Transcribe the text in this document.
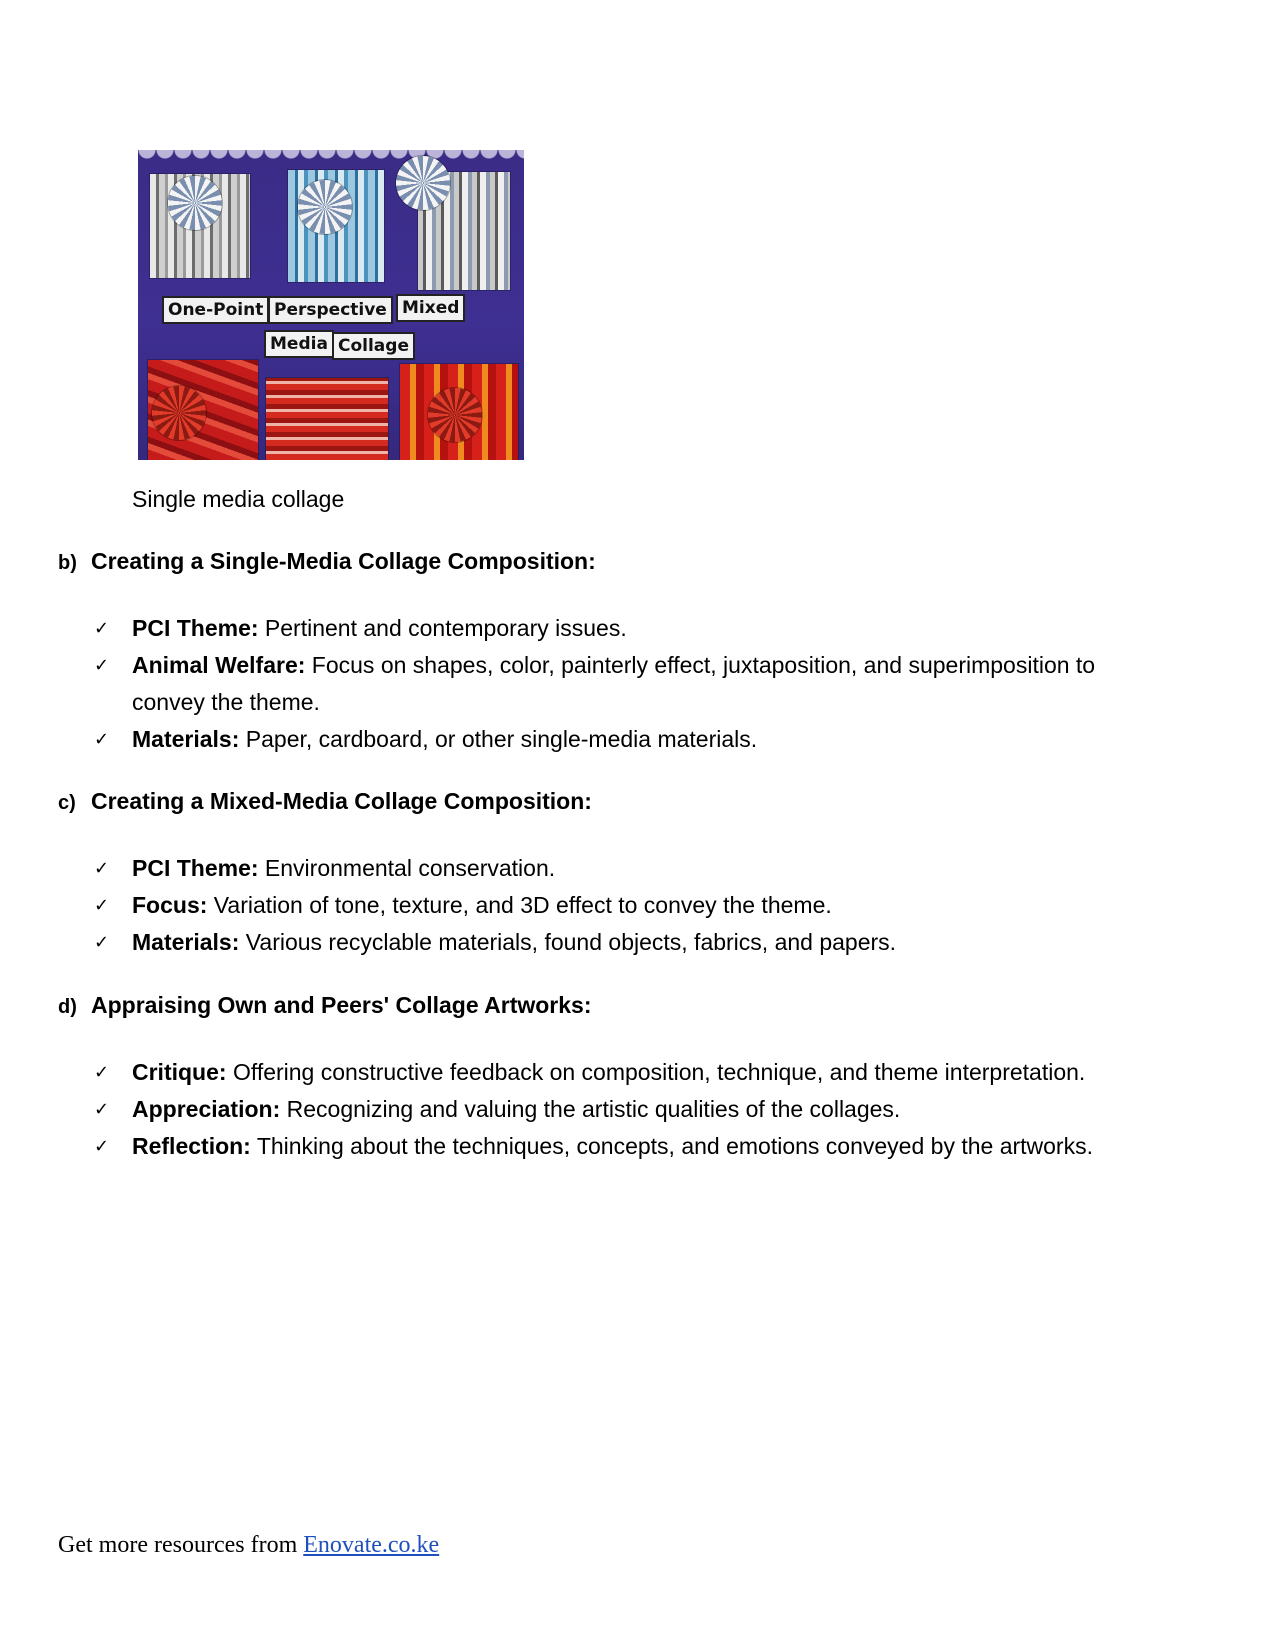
One-Point Perspective Mixed
Media Collage
Single media collage
b) Creating a Single-Media Collage Composition:
✓ PCI Theme: Pertinent and contemporary issues.
✓ Animal Welfare: Focus on shapes, color, painterly effect, juxtaposition, and superimposition to convey the theme.
✓ Materials: Paper, cardboard, or other single-media materials.
c) Creating a Mixed-Media Collage Composition:
✓ PCI Theme: Environmental conservation.
✓ Focus: Variation of tone, texture, and 3D effect to convey the theme.
✓ Materials: Various recyclable materials, found objects, fabrics, and papers.
d) Appraising Own and Peers' Collage Artworks:
✓ Critique: Offering constructive feedback on composition, technique, and theme interpretation.
✓ Appreciation: Recognizing and valuing the artistic qualities of the collages.
✓ Reflection: Thinking about the techniques, concepts, and emotions conveyed by the artworks.
Get more resources from Enovate.co.ke
